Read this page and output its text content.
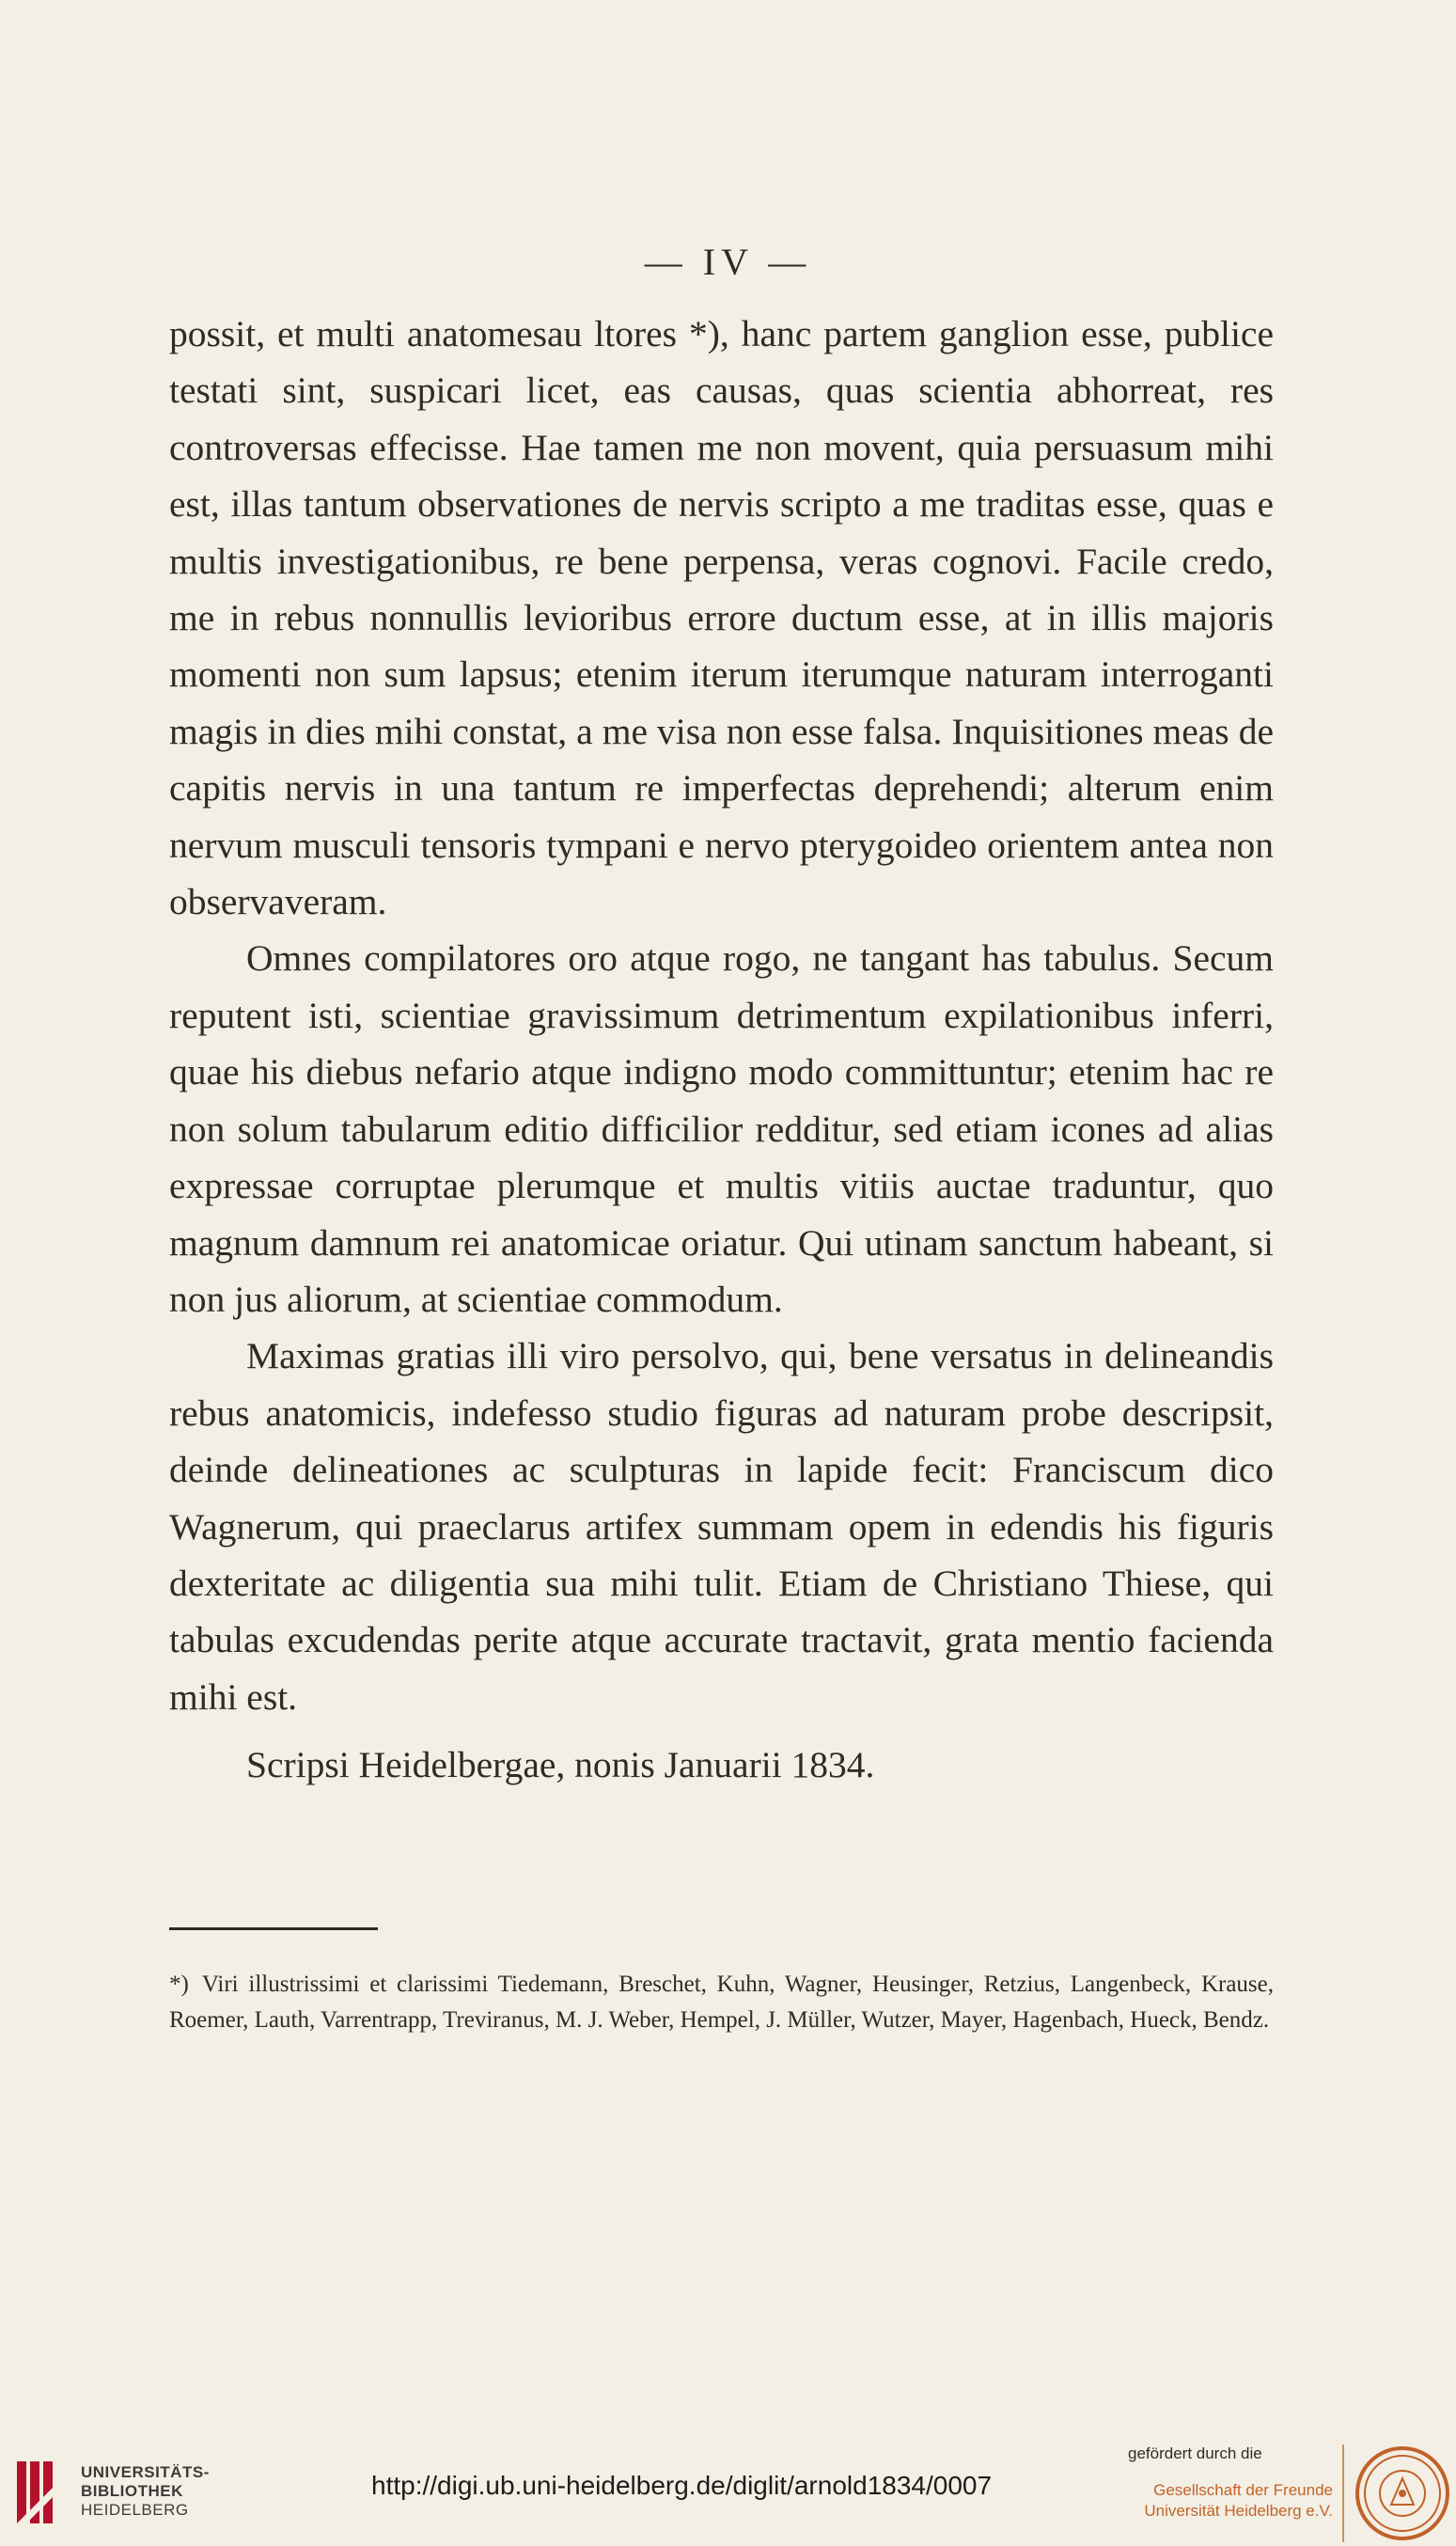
— IV —

possit, et multi anatomesau ltores *), hanc partem ganglion esse, publice testati sint, suspicari licet, eas causas, quas scientia abhorreat, res controversas effecisse. Hae tamen me non movent, quia persuasum mihi est, illas tantum observationes de nervis scripto a me traditas esse, quas e multis investigationibus, re bene perpensa, veras cognovi. Facile credo, me in rebus nonnullis levioribus errore ductum esse, at in illis majoris momenti non sum lapsus; etenim iterum iterumque naturam interroganti magis in dies mihi constat, a me visa non esse falsa. Inquisitiones meas de capitis nervis in una tantum re imperfectas deprehendi; alterum enim nervum musculi tensoris tympani e nervo pterygoideo orientem antea non observaveram.

Omnes compilatores oro atque rogo, ne tangant has tabulus. Secum reputent isti, scientiae gravissimum detrimentum expilationibus inferri, quae his diebus nefario atque indigno modo committuntur; etenim hac re non solum tabularum editio difficilior redditur, sed etiam icones ad alias expressae corruptae plerumque et multis vitiis auctae traduntur, quo magnum damnum rei anatomicae oriatur. Qui utinam sanctum habeant, si non jus aliorum, at scientiae commodum.

Maximas gratias illi viro persolvo, qui, bene versatus in delineandis rebus anatomicis, indefesso studio figuras ad naturam probe descripsit, deinde delineationes ac sculpturas in lapide fecit: Franciscum dico Wagnerum, qui praeclarus artifex summam opem in edendis his figuris dexteritate ac diligentia sua mihi tulit. Etiam de Christiano Thiese, qui tabulas excudendas perite atque accurate tractavit, grata mentio facienda mihi est.

Scripsi Heidelbergae, nonis Januarii 1834.

*) Viri illustrissimi et clarissimi Tiedemann, Breschet, Kuhn, Wagner, Heusinger, Retzius, Langenbeck, Krause, Roemer, Lauth, Varrentrapp, Treviranus, M. J. Weber, Hempel, J. Müller, Wutzer, Mayer, Hagenbach, Hueck, Bendz.
UNIVERSITÄTS-
BIBLIOTHEK
HEIDELBERG
http://digi.ub.uni-heidelberg.de/diglit/arnold1834/0007
gefördert durch die
Gesellschaft der Freunde
Universität Heidelberg e.V.
